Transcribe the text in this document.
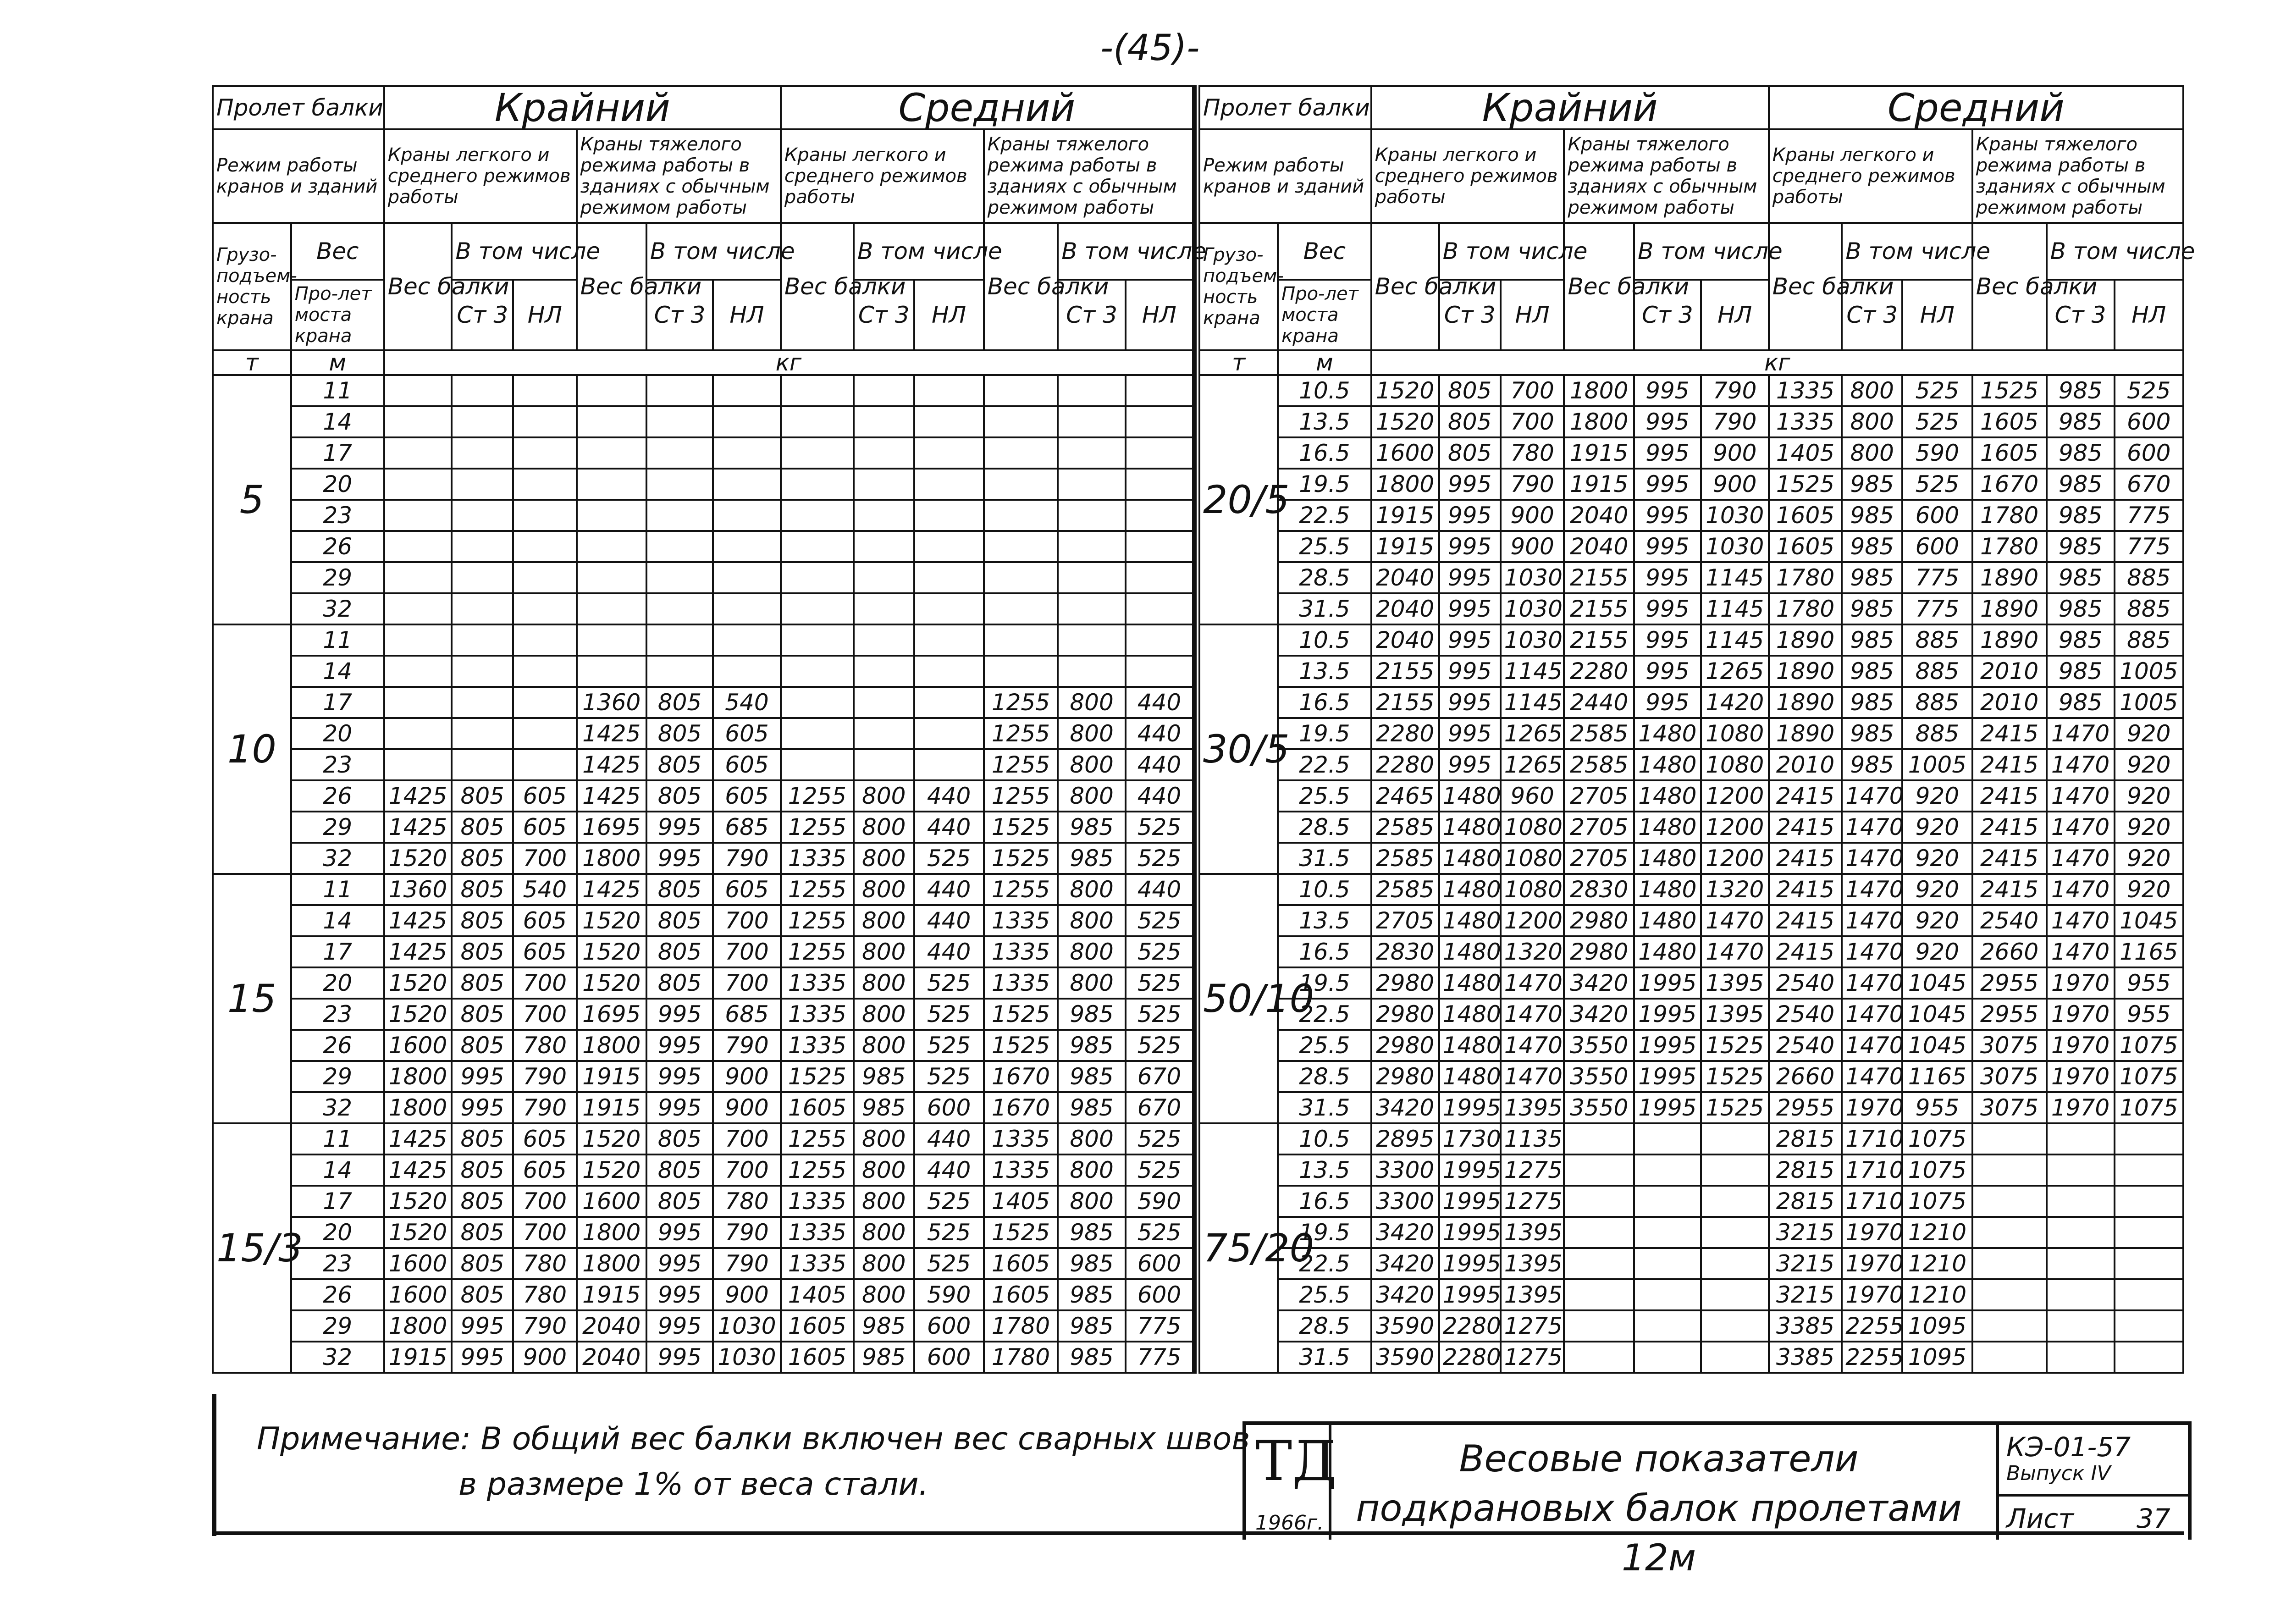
-(45)-
Пролет балки		Крайний						Средний					
Режим работы кранов и зданий		Краны легкого и среднего режимов работы			Краны тяжелого режима работы в зданиях с обычным режимом работы			Краны легкого и среднего режимов работы			Краны тяжелого режима работы в зданиях с обычным режимом работы		
Грузо-подъем-ность крана	Вес	Вес балки	В том числе		Вес балки	В том числе		Вес балки	В том числе		Вес балки	В том числе	
	Про-лет моста крана		Ст 3	НЛ		Ст 3	НЛ		Ст 3	НЛ		Ст 3	НЛ
т	м	кг											
5	11												
	14												
	17												
	20												
	23												
	26												
	29												
	32												
10	11												
	14												
	17				1360	805	540				1255	800	440
	20				1425	805	605				1255	800	440
	23				1425	805	605				1255	800	440
	26	1425	805	605	1425	805	605	1255	800	440	1255	800	440
	29	1425	805	605	1695	995	685	1255	800	440	1525	985	525
	32	1520	805	700	1800	995	790	1335	800	525	1525	985	525
15	11	1360	805	540	1425	805	605	1255	800	440	1255	800	440
	14	1425	805	605	1520	805	700	1255	800	440	1335	800	525
	17	1425	805	605	1520	805	700	1255	800	440	1335	800	525
	20	1520	805	700	1520	805	700	1335	800	525	1335	800	525
	23	1520	805	700	1695	995	685	1335	800	525	1525	985	525
	26	1600	805	780	1800	995	790	1335	800	525	1525	985	525
	29	1800	995	790	1915	995	900	1525	985	525	1670	985	670
	32	1800	995	790	1915	995	900	1605	985	600	1670	985	670
15/3	11	1425	805	605	1520	805	700	1255	800	440	1335	800	525
	14	1425	805	605	1520	805	700	1255	800	440	1335	800	525
	17	1520	805	700	1600	805	780	1335	800	525	1405	800	590
	20	1520	805	700	1800	995	790	1335	800	525	1525	985	525
	23	1600	805	780	1800	995	790	1335	800	525	1605	985	600
	26	1600	805	780	1915	995	900	1405	800	590	1605	985	600
	29	1800	995	790	2040	995	1030	1605	985	600	1780	985	775
	32	1915	995	900	2040	995	1030	1605	985	600	1780	985	775
Пролет балки		Крайний						Средний					
Режим работы кранов и зданий		Краны легкого и среднего режимов работы			Краны тяжелого режима работы в зданиях с обычным режимом работы			Краны легкого и среднего режимов работы			Краны тяжелого режима работы в зданиях с обычным режимом работы		
Грузо-подъем-ность крана	Вес	Вес балки	В том числе		Вес балки	В том числе		Вес балки	В том числе		Вес балки	В том числе	
	Про-лет моста крана		Ст 3	НЛ		Ст 3	НЛ		Ст 3	НЛ		Ст 3	НЛ
т	м	кг											
20/5	10.5	1520	805	700	1800	995	790	1335	800	525	1525	985	525
	13.5	1520	805	700	1800	995	790	1335	800	525	1605	985	600
	16.5	1600	805	780	1915	995	900	1405	800	590	1605	985	600
	19.5	1800	995	790	1915	995	900	1525	985	525	1670	985	670
	22.5	1915	995	900	2040	995	1030	1605	985	600	1780	985	775
	25.5	1915	995	900	2040	995	1030	1605	985	600	1780	985	775
	28.5	2040	995	1030	2155	995	1145	1780	985	775	1890	985	885
	31.5	2040	995	1030	2155	995	1145	1780	985	775	1890	985	885
30/5	10.5	2040	995	1030	2155	995	1145	1890	985	885	1890	985	885
	13.5	2155	995	1145	2280	995	1265	1890	985	885	2010	985	1005
	16.5	2155	995	1145	2440	995	1420	1890	985	885	2010	985	1005
	19.5	2280	995	1265	2585	1480	1080	1890	985	885	2415	1470	920
	22.5	2280	995	1265	2585	1480	1080	2010	985	1005	2415	1470	920
	25.5	2465	1480	960	2705	1480	1200	2415	1470	920	2415	1470	920
	28.5	2585	1480	1080	2705	1480	1200	2415	1470	920	2415	1470	920
	31.5	2585	1480	1080	2705	1480	1200	2415	1470	920	2415	1470	920
50/10	10.5	2585	1480	1080	2830	1480	1320	2415	1470	920	2415	1470	920
	13.5	2705	1480	1200	2980	1480	1470	2415	1470	920	2540	1470	1045
	16.5	2830	1480	1320	2980	1480	1470	2415	1470	920	2660	1470	1165
	19.5	2980	1480	1470	3420	1995	1395	2540	1470	1045	2955	1970	955
	22.5	2980	1480	1470	3420	1995	1395	2540	1470	1045	2955	1970	955
	25.5	2980	1480	1470	3550	1995	1525	2540	1470	1045	3075	1970	1075
	28.5	2980	1480	1470	3550	1995	1525	2660	1470	1165	3075	1970	1075
	31.5	3420	1995	1395	3550	1995	1525	2955	1970	955	3075	1970	1075
75/20	10.5	2895	1730	1135				2815	1710	1075			
	13.5	3300	1995	1275				2815	1710	1075			
	16.5	3300	1995	1275				2815	1710	1075			
	19.5	3420	1995	1395				3215	1970	1210			
	22.5	3420	1995	1395				3215	1970	1210			
	25.5	3420	1995	1395				3215	1970	1210			
	28.5	3590	2280	1275				3385	2255	1095			
	31.5	3590	2280	1275				3385	2255	1095			
Примечание: В общий вес балки включен вес сварных швов
в размере 1% от веса стали.	ТД
1966г.
Весовые показатели
подкрановых балок пролетами 12м
КЭ-01-57
Выпуск IV
Лист 37
